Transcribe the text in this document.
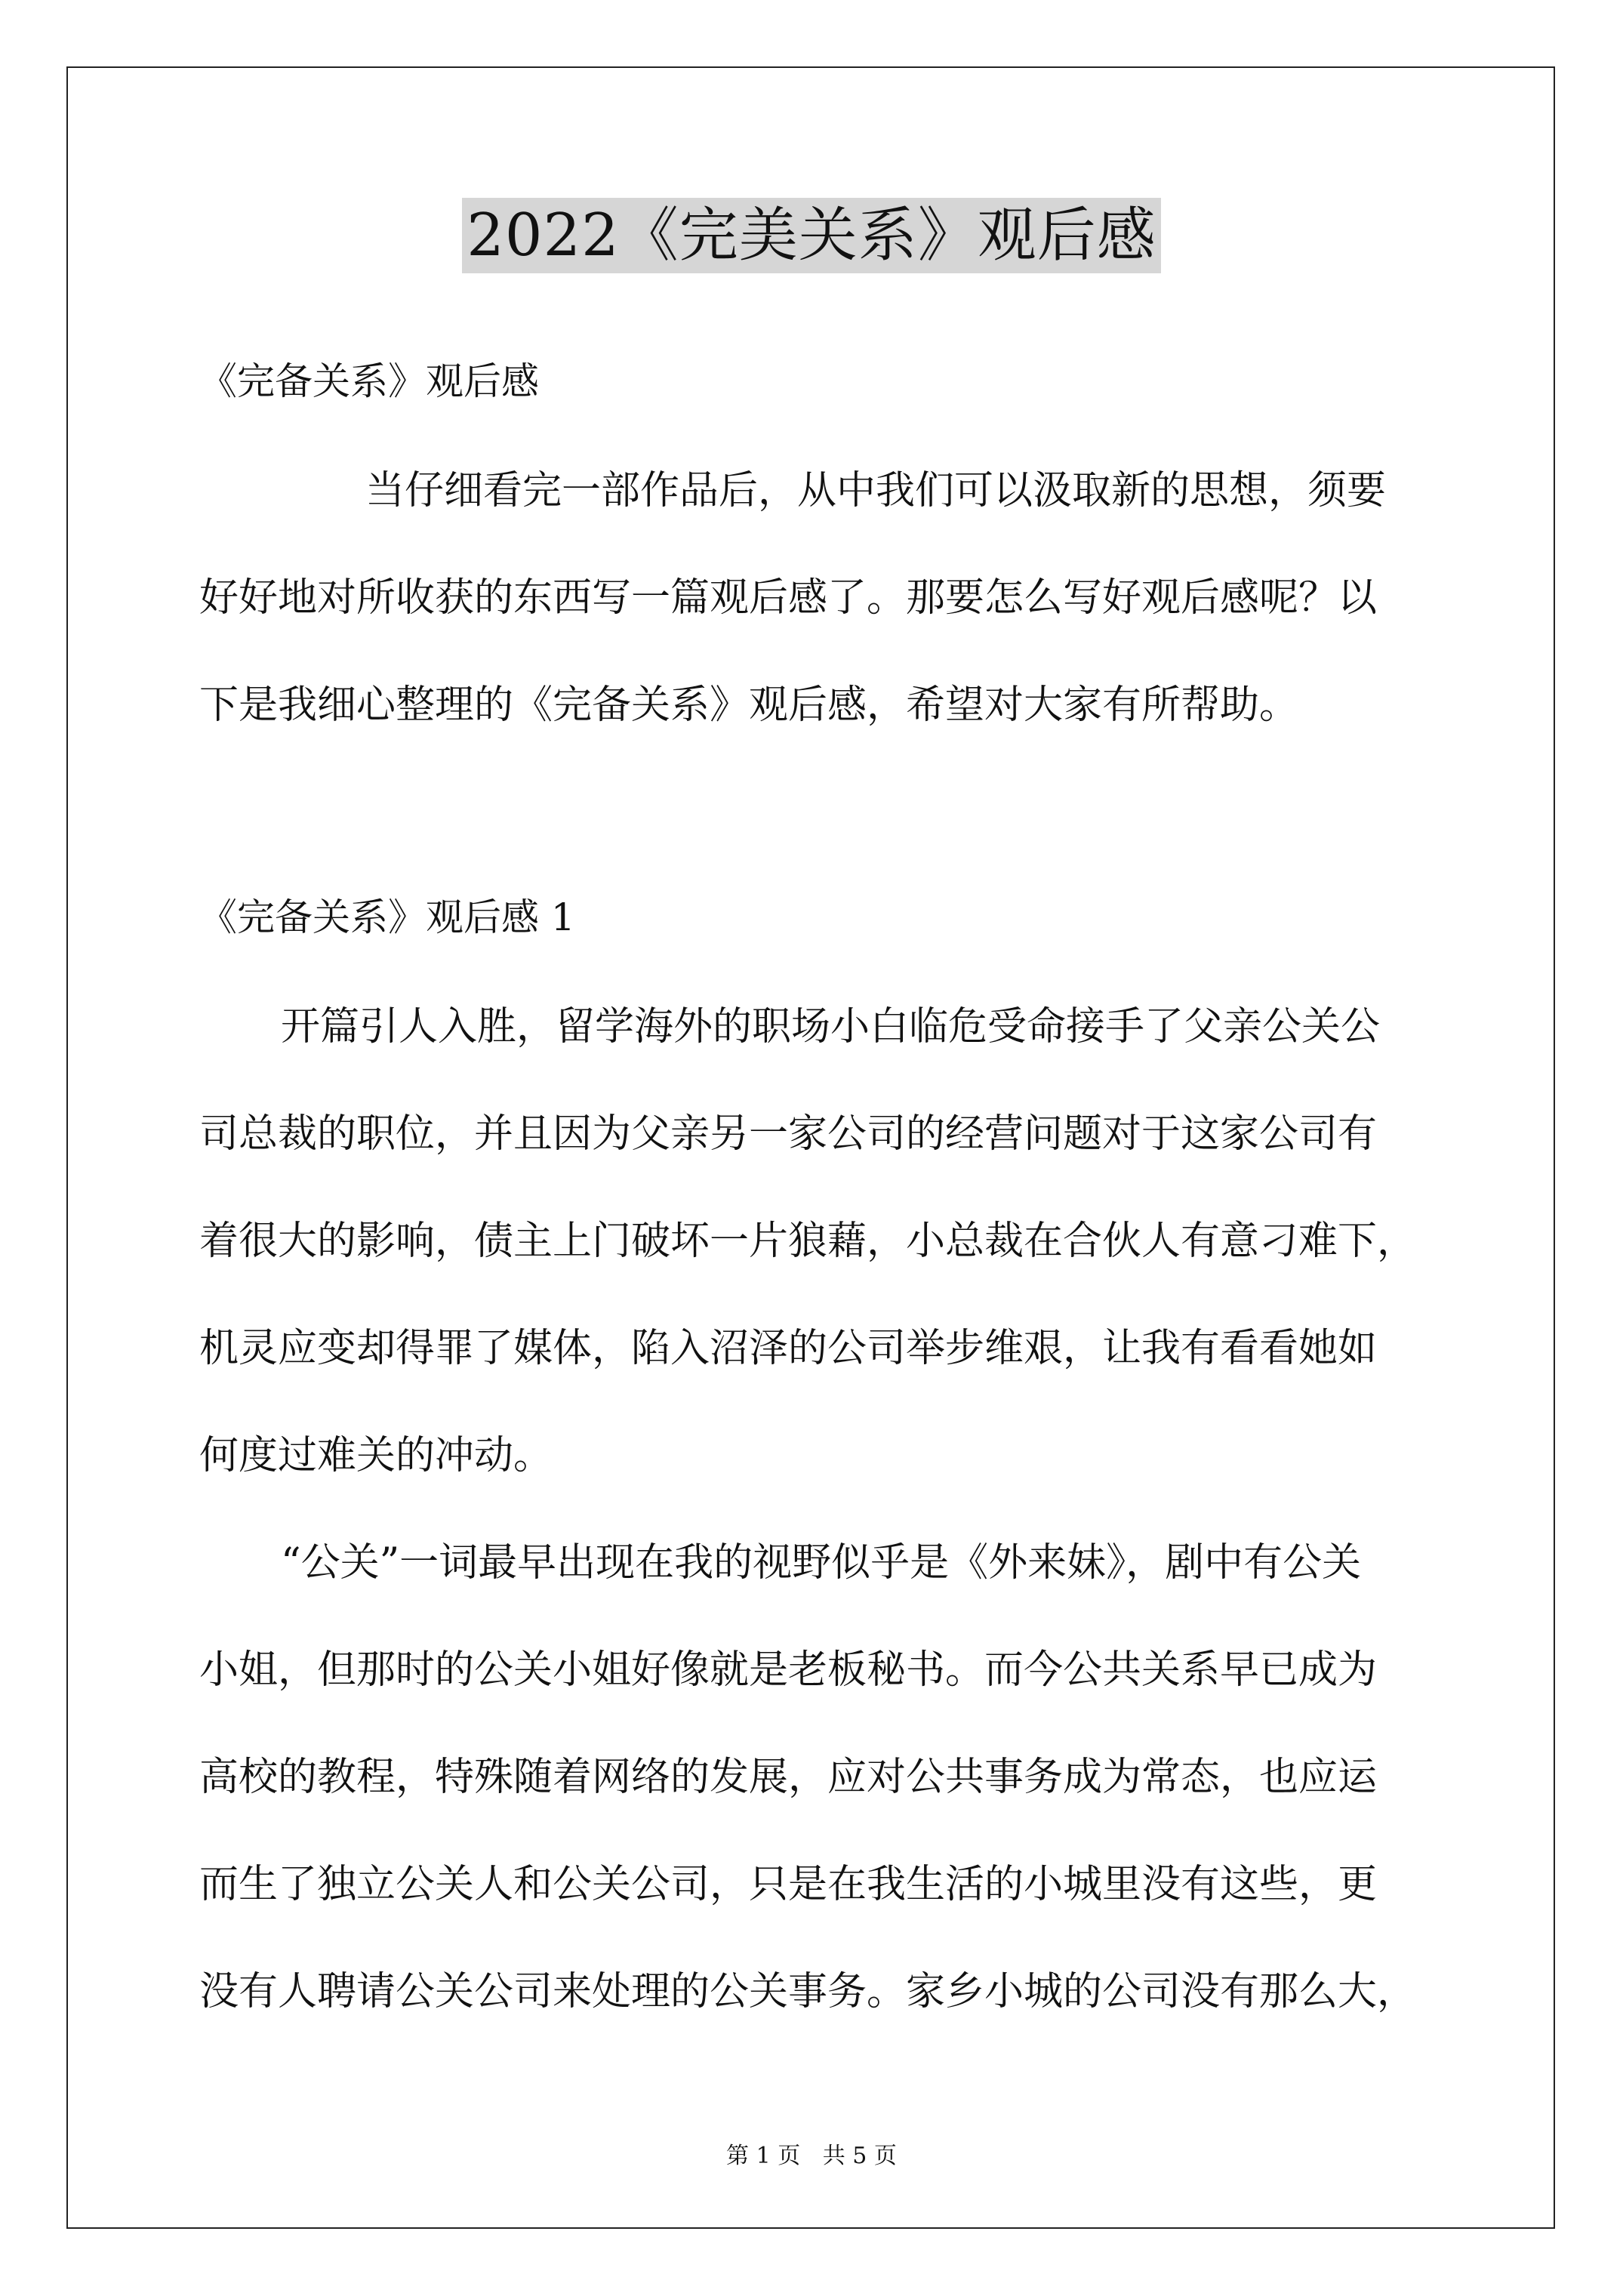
2022《完美关系》观后感
《完备关系》观后感
当仔细看完一部作品后，从中我们可以汲取新的思想，须要
好好地对所收获的东西写一篇观后感了。那要怎么写好观后感呢？以
下是我细心整理的《完备关系》观后感，希望对大家有所帮助。
《完备关系》观后感 1
开篇引人入胜，留学海外的职场小白临危受命接手了父亲公关公
司总裁的职位，并且因为父亲另一家公司的经营问题对于这家公司有
着很大的影响，债主上门破坏一片狼藉，小总裁在合伙人有意刁难下，
机灵应变却得罪了媒体，陷入沼泽的公司举步维艰，让我有看看她如
何度过难关的冲动。
“公关”一词最早出现在我的视野似乎是《外来妹》，剧中有公关
小姐，但那时的公关小姐好像就是老板秘书。而今公共关系早已成为
高校的教程，特殊随着网络的发展，应对公共事务成为常态，也应运
而生了独立公关人和公关公司，只是在我生活的小城里没有这些，更
没有人聘请公关公司来处理的公关事务。家乡小城的公司没有那么大，
第 1 页 共 5 页
